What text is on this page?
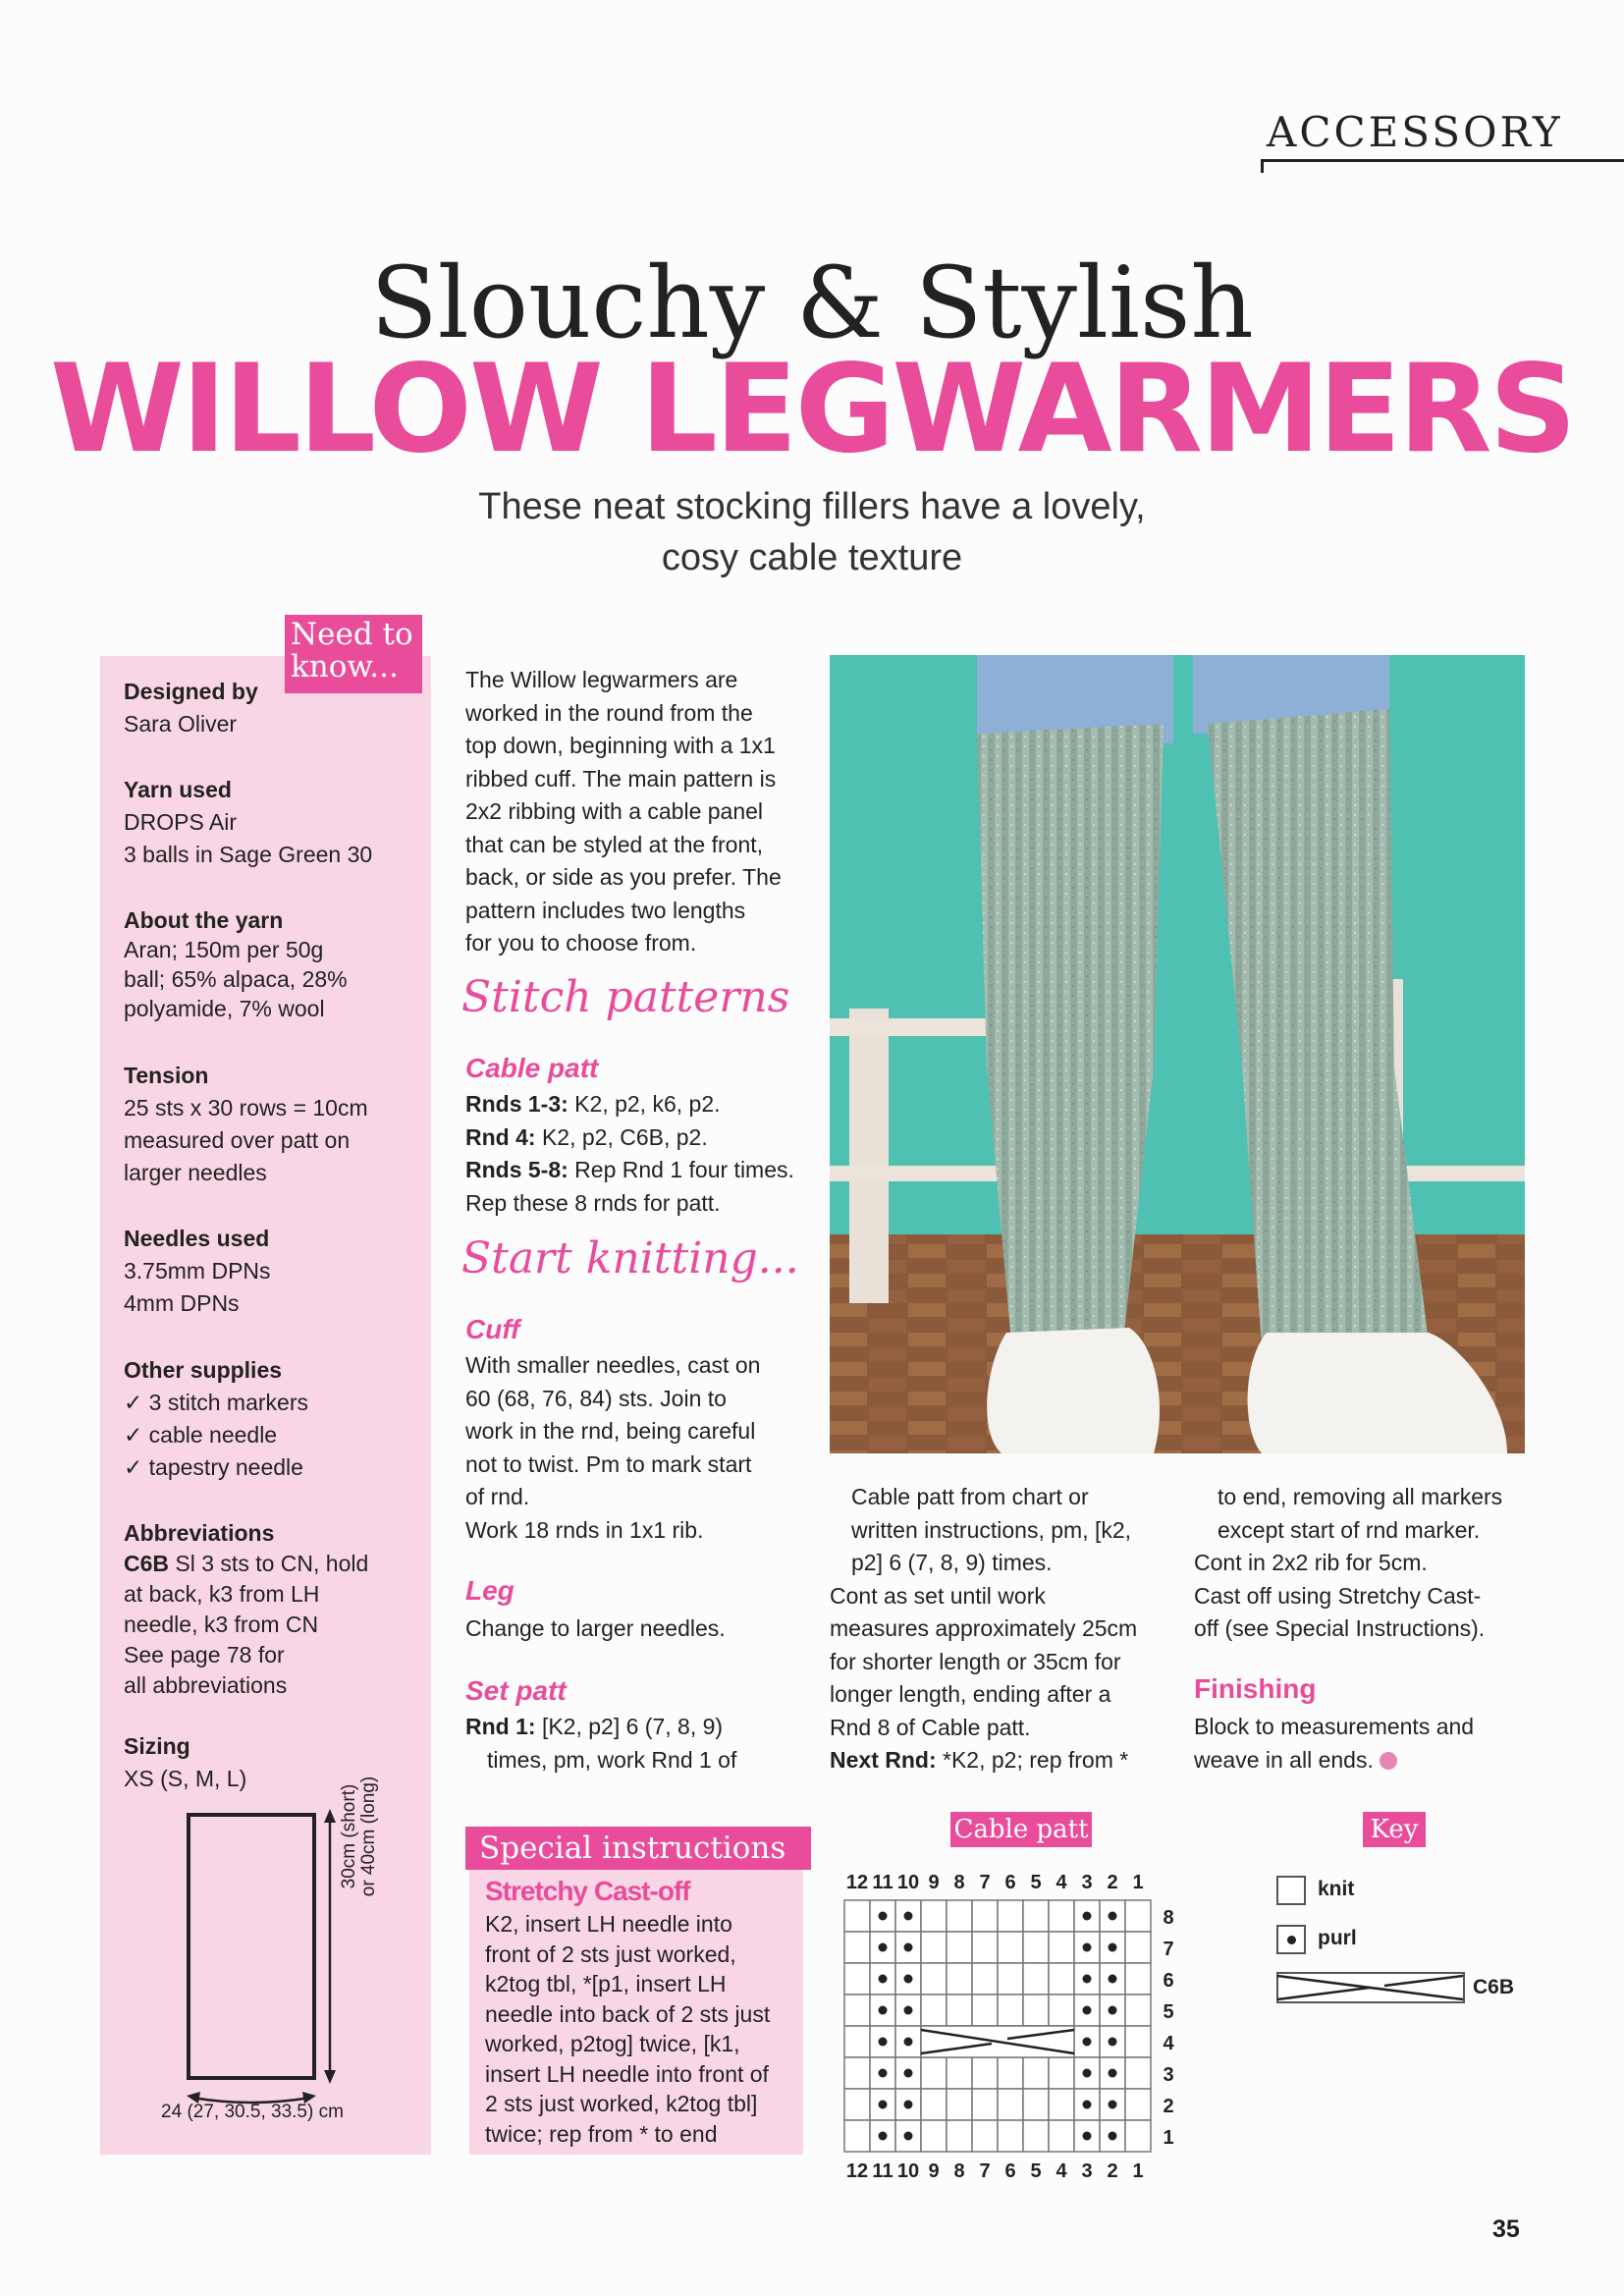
ACCESSORY
Slouchy & Stylish
WILLOW LEGWARMERS
These neat stocking fillers have a lovely,
cosy cable texture
Need to
know...
Designed by
Sara Oliver
Yarn used
DROPS Air
3 balls in Sage Green 30
About the yarn
Aran; 150m per 50g
ball; 65% alpaca, 28%
polyamide, 7% wool
Tension
25 sts x 30 rows = 10cm
measured over patt on
larger needles
Needles used
3.75mm DPNs
4mm DPNs
Other supplies
✓ 3 stitch markers
✓ cable needle
✓ tapestry needle
Abbreviations
C6B Sl 3 sts to CN, hold
at back, k3 from LH
needle, k3 from CN
See page 78 for
all abbreviations
Sizing
XS (S, M, L)
30cm (short) or 40cm (long)
24 (27, 30.5, 33.5) cm
The Willow legwarmers are
worked in the round from the
top down, beginning with a 1x1
ribbed cuff. The main pattern is
2x2 ribbing with a cable panel
that can be styled at the front,
back, or side as you prefer. The
pattern includes two lengths
for you to choose from.
Stitch patterns
Cable patt
Rnds 1-3: K2, p2, k6, p2.
Rnd 4: K2, p2, C6B, p2.
Rnds 5-8: Rep Rnd 1 four times.
Rep these 8 rnds for patt.
Start knitting...
Cuff
With smaller needles, cast on
60 (68, 76, 84) sts. Join to
work in the rnd, being careful
not to twist. Pm to mark start
of rnd.
Work 18 rnds in 1x1 rib.
Leg
Change to larger needles.
Set patt
Rnd 1: [K2, p2] 6 (7, 8, 9)
times, pm, work Rnd 1 of
Cable patt from chart or
written instructions, pm, [k2,
p2] 6 (7, 8, 9) times.
Cont as set until work
measures approximately 25cm
for shorter length or 35cm for
longer length, ending after a
Rnd 8 of Cable patt.
Next Rnd: *K2, p2; rep from *
to end, removing all markers
except start of rnd marker.
Cont in 2x2 rib for 5cm.
Cast off using Stretchy Cast-
off (see Special Instructions).
Finishing
Block to measurements and
weave in all ends.
Special instructions
Stretchy Cast-off
K2, insert LH needle into
front of 2 sts just worked,
k2tog tbl, *[p1, insert LH
needle into back of 2 sts just
worked, p2tog] twice, [k1,
insert LH needle into front of
2 sts just worked, k2tog tbl]
twice; rep from * to end
Cable patt
12
12
11
11
10
10
9
9
8
8
7
7
6
6
5
5
4
4
3
3
2
2
1
1
8
7
6
5
4
3
2
1
Key
knit
purl
C6B
35
